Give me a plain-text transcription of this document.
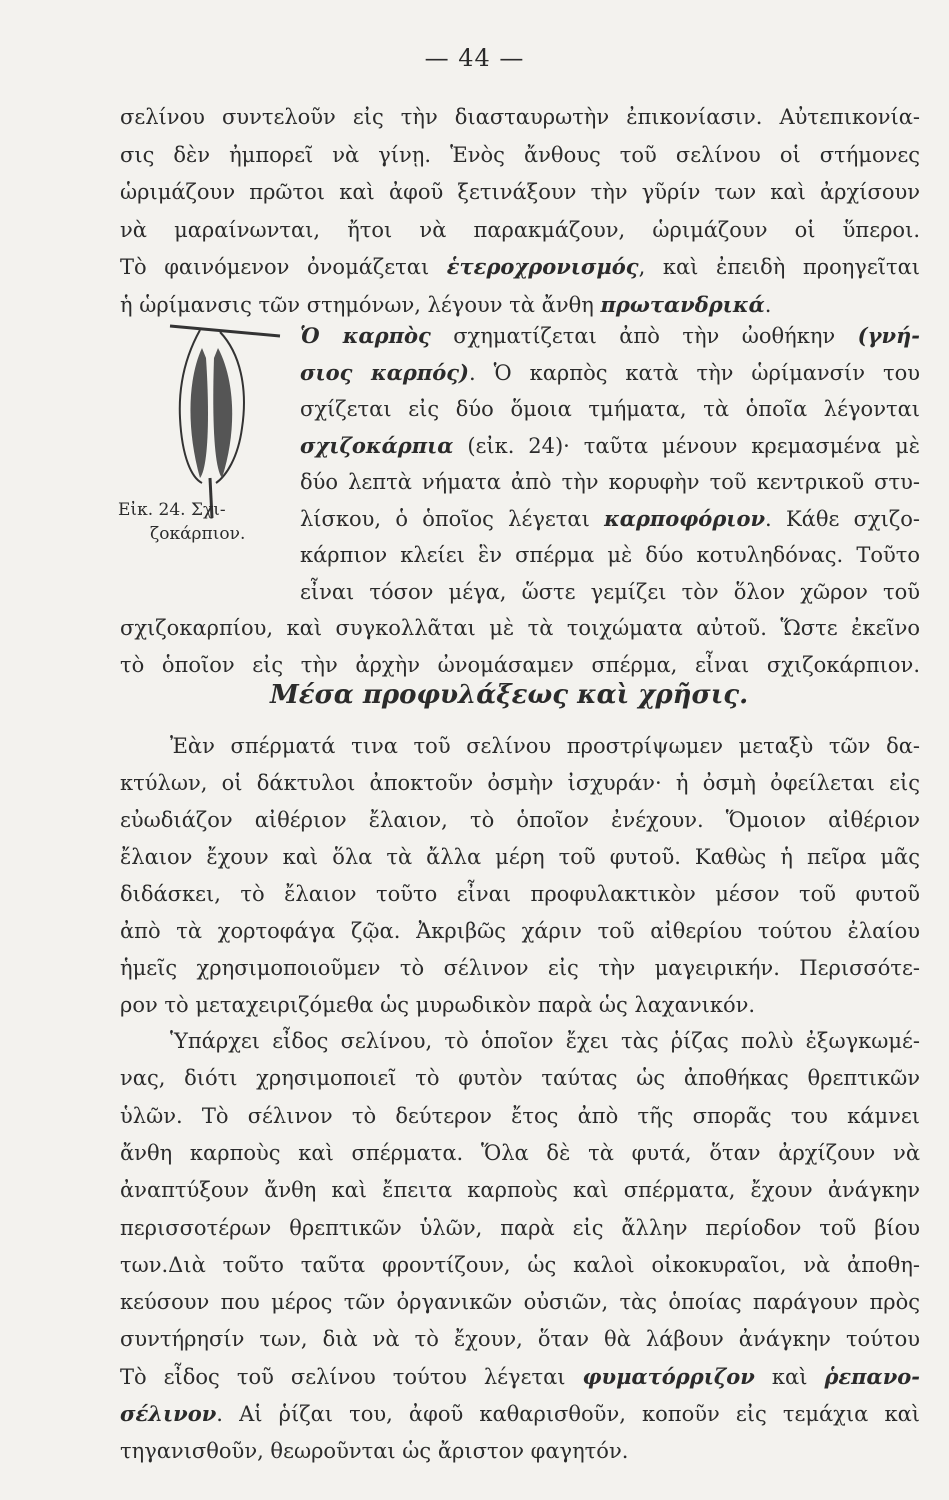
— 44 —
σελίνου συντελοῦν εἰς τὴν διασταυρωτὴν ἐπικονίασιν. Αὐτεπικονία-
σις δὲν ἠμπορεῖ νὰ γίνῃ. Ἑνὸς ἄνθους τοῦ σελίνου οἱ στήμονες
ὡριμάζουν πρῶτοι καὶ ἀφοῦ ξετινάξουν τὴν γῦρίν των καὶ ἀρχίσουν
νὰ μαραίνωνται, ἤτοι νὰ παρακμάζουν, ὡριμάζουν οἱ ὕπεροι.
Τὸ φαινόμενον ὀνομάζεται ἑτεροχρονισμός, καὶ ἐπειδὴ προηγεῖται
ἡ ὡρίμανσις τῶν στημόνων, λέγουν τὰ ἄνθη πρωτανδρικά.
Ὁ καρπὸς σχηματίζεται ἀπὸ τὴν ὠοθήκην (γνή-
σιος καρπός). Ὁ καρπὸς κατὰ τὴν ὡρίμανσίν του
σχίζεται εἰς δύο ὅμοια τμήματα, τὰ ὁποῖα λέγονται
σχιζοκάρπια (εἰκ. 24)· ταῦτα μένουν κρεμασμένα μὲ
δύο λεπτὰ νήματα ἀπὸ τὴν κορυφὴν τοῦ κεντρικοῦ στυ-
λίσκου, ὁ ὁποῖος λέγεται καρποφόριον. Κάθε σχιζο-
κάρπιον κλείει ἓν σπέρμα μὲ δύο κοτυληδόνας. Τοῦτο
εἶναι τόσον μέγα, ὥστε γεμίζει τὸν ὅλον χῶρον τοῦ
σχιζοκαρπίου, καὶ συγκολλᾶται μὲ τὰ τοιχώματα αὐτοῦ. Ὥστε ἐκεῖνο
τὸ ὁποῖον εἰς τὴν ἀρχὴν ὠνομάσαμεν σπέρμα, εἶναι σχιζοκάρπιον.
Εἰκ. 24. Σχι-
ζοκάρπιον.
Μέσα προφυλάξεως καὶ χρῆσις.
Ἐὰν σπέρματά τινα τοῦ σελίνου προστρίψωμεν μεταξὺ τῶν δα-
κτύλων, οἱ δάκτυλοι ἀποκτοῦν ὀσμὴν ἰσχυράν· ἡ ὀσμὴ ὀφείλεται εἰς
εὐωδιάζον αἰθέριον ἔλαιον, τὸ ὁποῖον ἐνέχουν. Ὅμοιον αἰθέριον
ἔλαιον ἔχουν καὶ ὅλα τὰ ἄλλα μέρη τοῦ φυτοῦ. Καθὼς ἡ πεῖρα μᾶς
διδάσκει, τὸ ἔλαιον τοῦτο εἶναι προφυλακτικὸν μέσον τοῦ φυτοῦ
ἀπὸ τὰ χορτοφάγα ζῷα. Ἀκριβῶς χάριν τοῦ αἰθερίου τούτου ἐλαίου
ἡμεῖς χρησιμοποιοῦμεν τὸ σέλινον εἰς τὴν μαγειρικήν. Περισσότε-
ρον τὸ μεταχειριζόμεθα ὡς μυρωδικὸν παρὰ ὡς λαχανικόν.
Ὑπάρχει εἶδος σελίνου, τὸ ὁποῖον ἔχει τὰς ῥίζας πολὺ ἐξωγκωμέ-
νας, διότι χρησιμοποιεῖ τὸ φυτὸν ταύτας ὡς ἀποθήκας θρεπτικῶν
ὑλῶν. Τὸ σέλινον τὸ δεύτερον ἔτος ἀπὸ τῆς σπορᾶς του κάμνει
ἄνθη καρποὺς καὶ σπέρματα. Ὅλα δὲ τὰ φυτά, ὅταν ἀρχίζουν νὰ
ἀναπτύξουν ἄνθη καὶ ἔπειτα καρποὺς καὶ σπέρματα, ἔχουν ἀνάγκην
περισσοτέρων θρεπτικῶν ὑλῶν, παρὰ εἰς ἄλλην περίοδον τοῦ βίου
των.Διὰ τοῦτο ταῦτα φροντίζουν, ὡς καλοὶ οἰκοκυραῖοι, νὰ ἀποθη-
κεύσουν που μέρος τῶν ὀργανικῶν οὐσιῶν, τὰς ὁποίας παράγουν πρὸς
συντήρησίν των, διὰ νὰ τὸ ἔχουν, ὅταν θὰ λάβουν ἀνάγκην τούτου
Τὸ εἶδος τοῦ σελίνου τούτου λέγεται φυματόρριζον καὶ ῥεπανο-
σέλινον. Αἱ ῥίζαι του, ἀφοῦ καθαρισθοῦν, κοποῦν εἰς τεμάχια καὶ
τηγανισθοῦν, θεωροῦνται ὡς ἄριστον φαγητόν.
